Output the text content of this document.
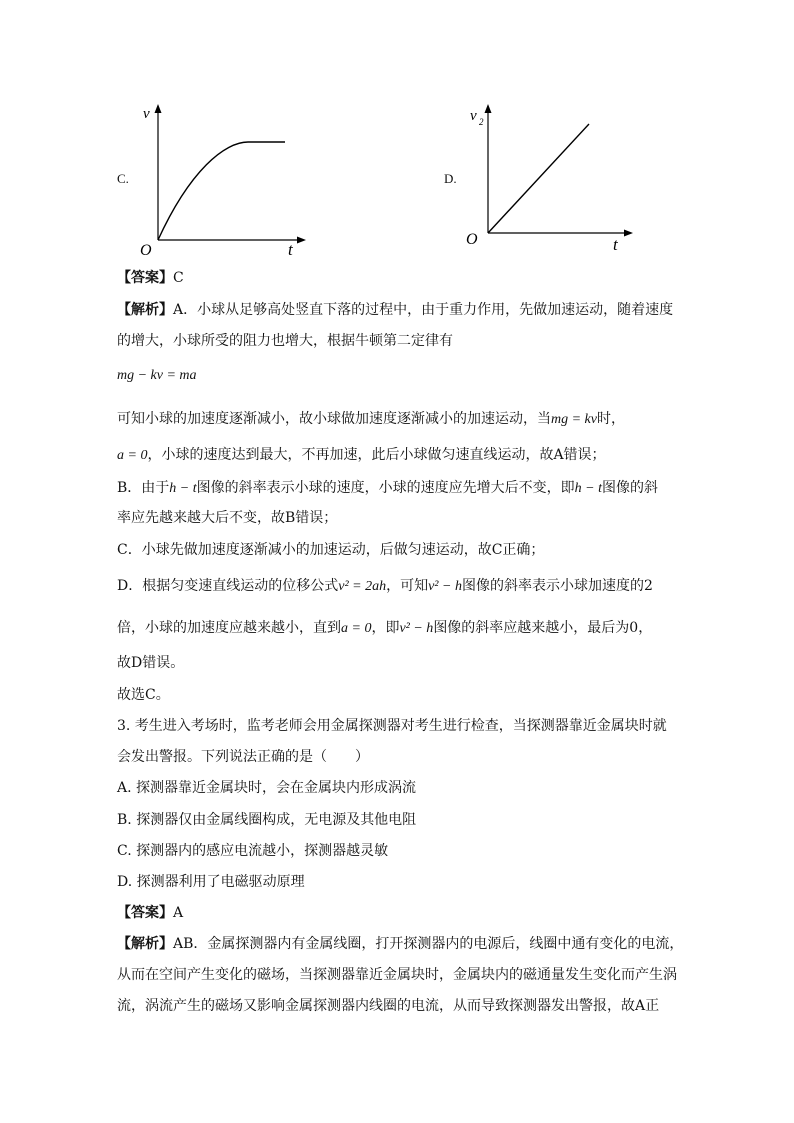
C.
v
t
O
D.
v 2
t
O
【答案】C
【解析】A．小球从足够高处竖直下落的过程中，由于重力作用，先做加速运动，随着速度
的增大，小球所受的阻力也增大，根据牛顿第二定律有
mg − kv = ma
可知小球的加速度逐渐减小，故小球做加速度逐渐减小的加速运动，当mg = kv时，
a = 0，小球的速度达到最大，不再加速，此后小球做匀速直线运动，故A错误；
B．由于h − t图像的斜率表示小球的速度，小球的速度应先增大后不变，即h − t图像的斜
率应先越来越大后不变，故B错误；
C．小球先做加速度逐渐减小的加速运动，后做匀速运动，故C正确；
D．根据匀变速直线运动的位移公式v² = 2ah，可知v² − h图像的斜率表示小球加速度的2
倍，小球的加速度应越来越小，直到a = 0，即v² − h图像的斜率应越来越小，最后为0，
故D错误。
故选C。
3. 考生进入考场时，监考老师会用金属探测器对考生进行检查，当探测器靠近金属块时就
会发出警报。下列说法正确的是（　　）
A. 探测器靠近金属块时，会在金属块内形成涡流
B. 探测器仅由金属线圈构成，无电源及其他电阻
C. 探测器内的感应电流越小，探测器越灵敏
D. 探测器利用了电磁驱动原理
【答案】A
【解析】AB．金属探测器内有金属线圈，打开探测器内的电源后，线圈中通有变化的电流，
从而在空间产生变化的磁场，当探测器靠近金属块时，金属块内的磁通量发生变化而产生涡
流，涡流产生的磁场又影响金属探测器内线圈的电流，从而导致探测器发出警报，故A正
